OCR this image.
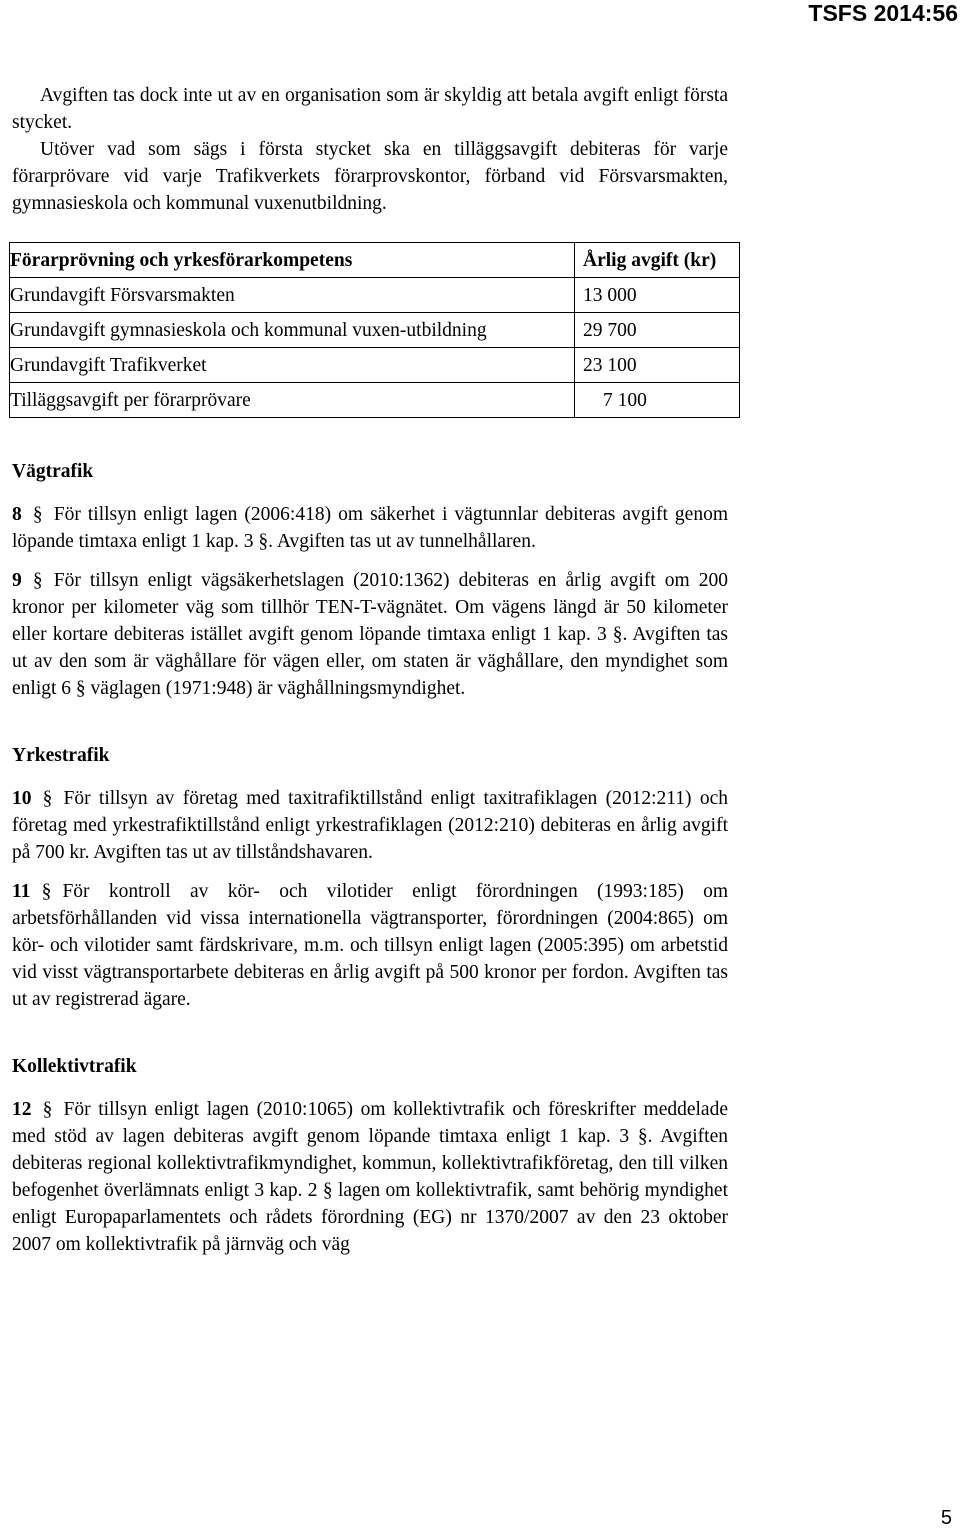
TSFS 2014:56

Avgiften tas dock inte ut av en organisation som är skyldig att betala avgift enligt första stycket.

Utöver vad som sägs i första stycket ska en tilläggsavgift debiteras för varje förarprövare vid varje Trafikverkets förarprovskontor, förband vid Försvarsmakten, gymnasieskola och kommunal vuxenutbildning.

Förarprövning och yrkesförarkompetens	Årlig avgift (kr)
Grundavgift Försvarsmakten	13 000
Grundavgift gymnasieskola och kommunal vuxen-utbildning	29 700
Grundavgift Trafikverket	23 100
Tilläggsavgift per förarprövare	7 100
Vägtrafik

8 § För tillsyn enligt lagen (2006:418) om säkerhet i vägtunnlar debiteras avgift genom löpande timtaxa enligt 1 kap. 3 §. Avgiften tas ut av tunnelhållaren.

9 § För tillsyn enligt vägsäkerhetslagen (2010:1362) debiteras en årlig avgift om 200 kronor per kilometer väg som tillhör TEN-T-vägnätet. Om vägens längd är 50 kilometer eller kortare debiteras istället avgift genom löpande timtaxa enligt 1 kap. 3 §. Avgiften tas ut av den som är väghållare för vägen eller, om staten är väghållare, den myndighet som enligt 6 § väglagen (1971:948) är väghållningsmyndighet.

Yrkestrafik

10 § För tillsyn av företag med taxitrafiktillstånd enligt taxitrafiklagen (2012:211) och företag med yrkestrafiktillstånd enligt yrkestrafiklagen (2012:210) debiteras en årlig avgift på 700 kr. Avgiften tas ut av tillståndshavaren.

11 § För kontroll av kör- och vilotider enligt förordningen (1993:185) om arbetsförhållanden vid vissa internationella vägtransporter, förordningen (2004:865) om kör- och vilotider samt färdskrivare, m.m. och tillsyn enligt lagen (2005:395) om arbetstid vid visst vägtransportarbete debiteras en årlig avgift på 500 kronor per fordon. Avgiften tas ut av registrerad ägare.

Kollektivtrafik

12 § För tillsyn enligt lagen (2010:1065) om kollektivtrafik och föreskrifter meddelade med stöd av lagen debiteras avgift genom löpande timtaxa enligt 1 kap. 3 §. Avgiften debiteras regional kollektivtrafikmyndighet, kommun, kollektivtrafikföretag, den till vilken befogenhet överlämnats enligt 3 kap. 2 § lagen om kollektivtrafik, samt behörig myndighet enligt Europaparlamentets och rådets förordning (EG) nr 1370/2007 av den 23 oktober 2007 om kollektivtrafik på järnväg och väg

5
